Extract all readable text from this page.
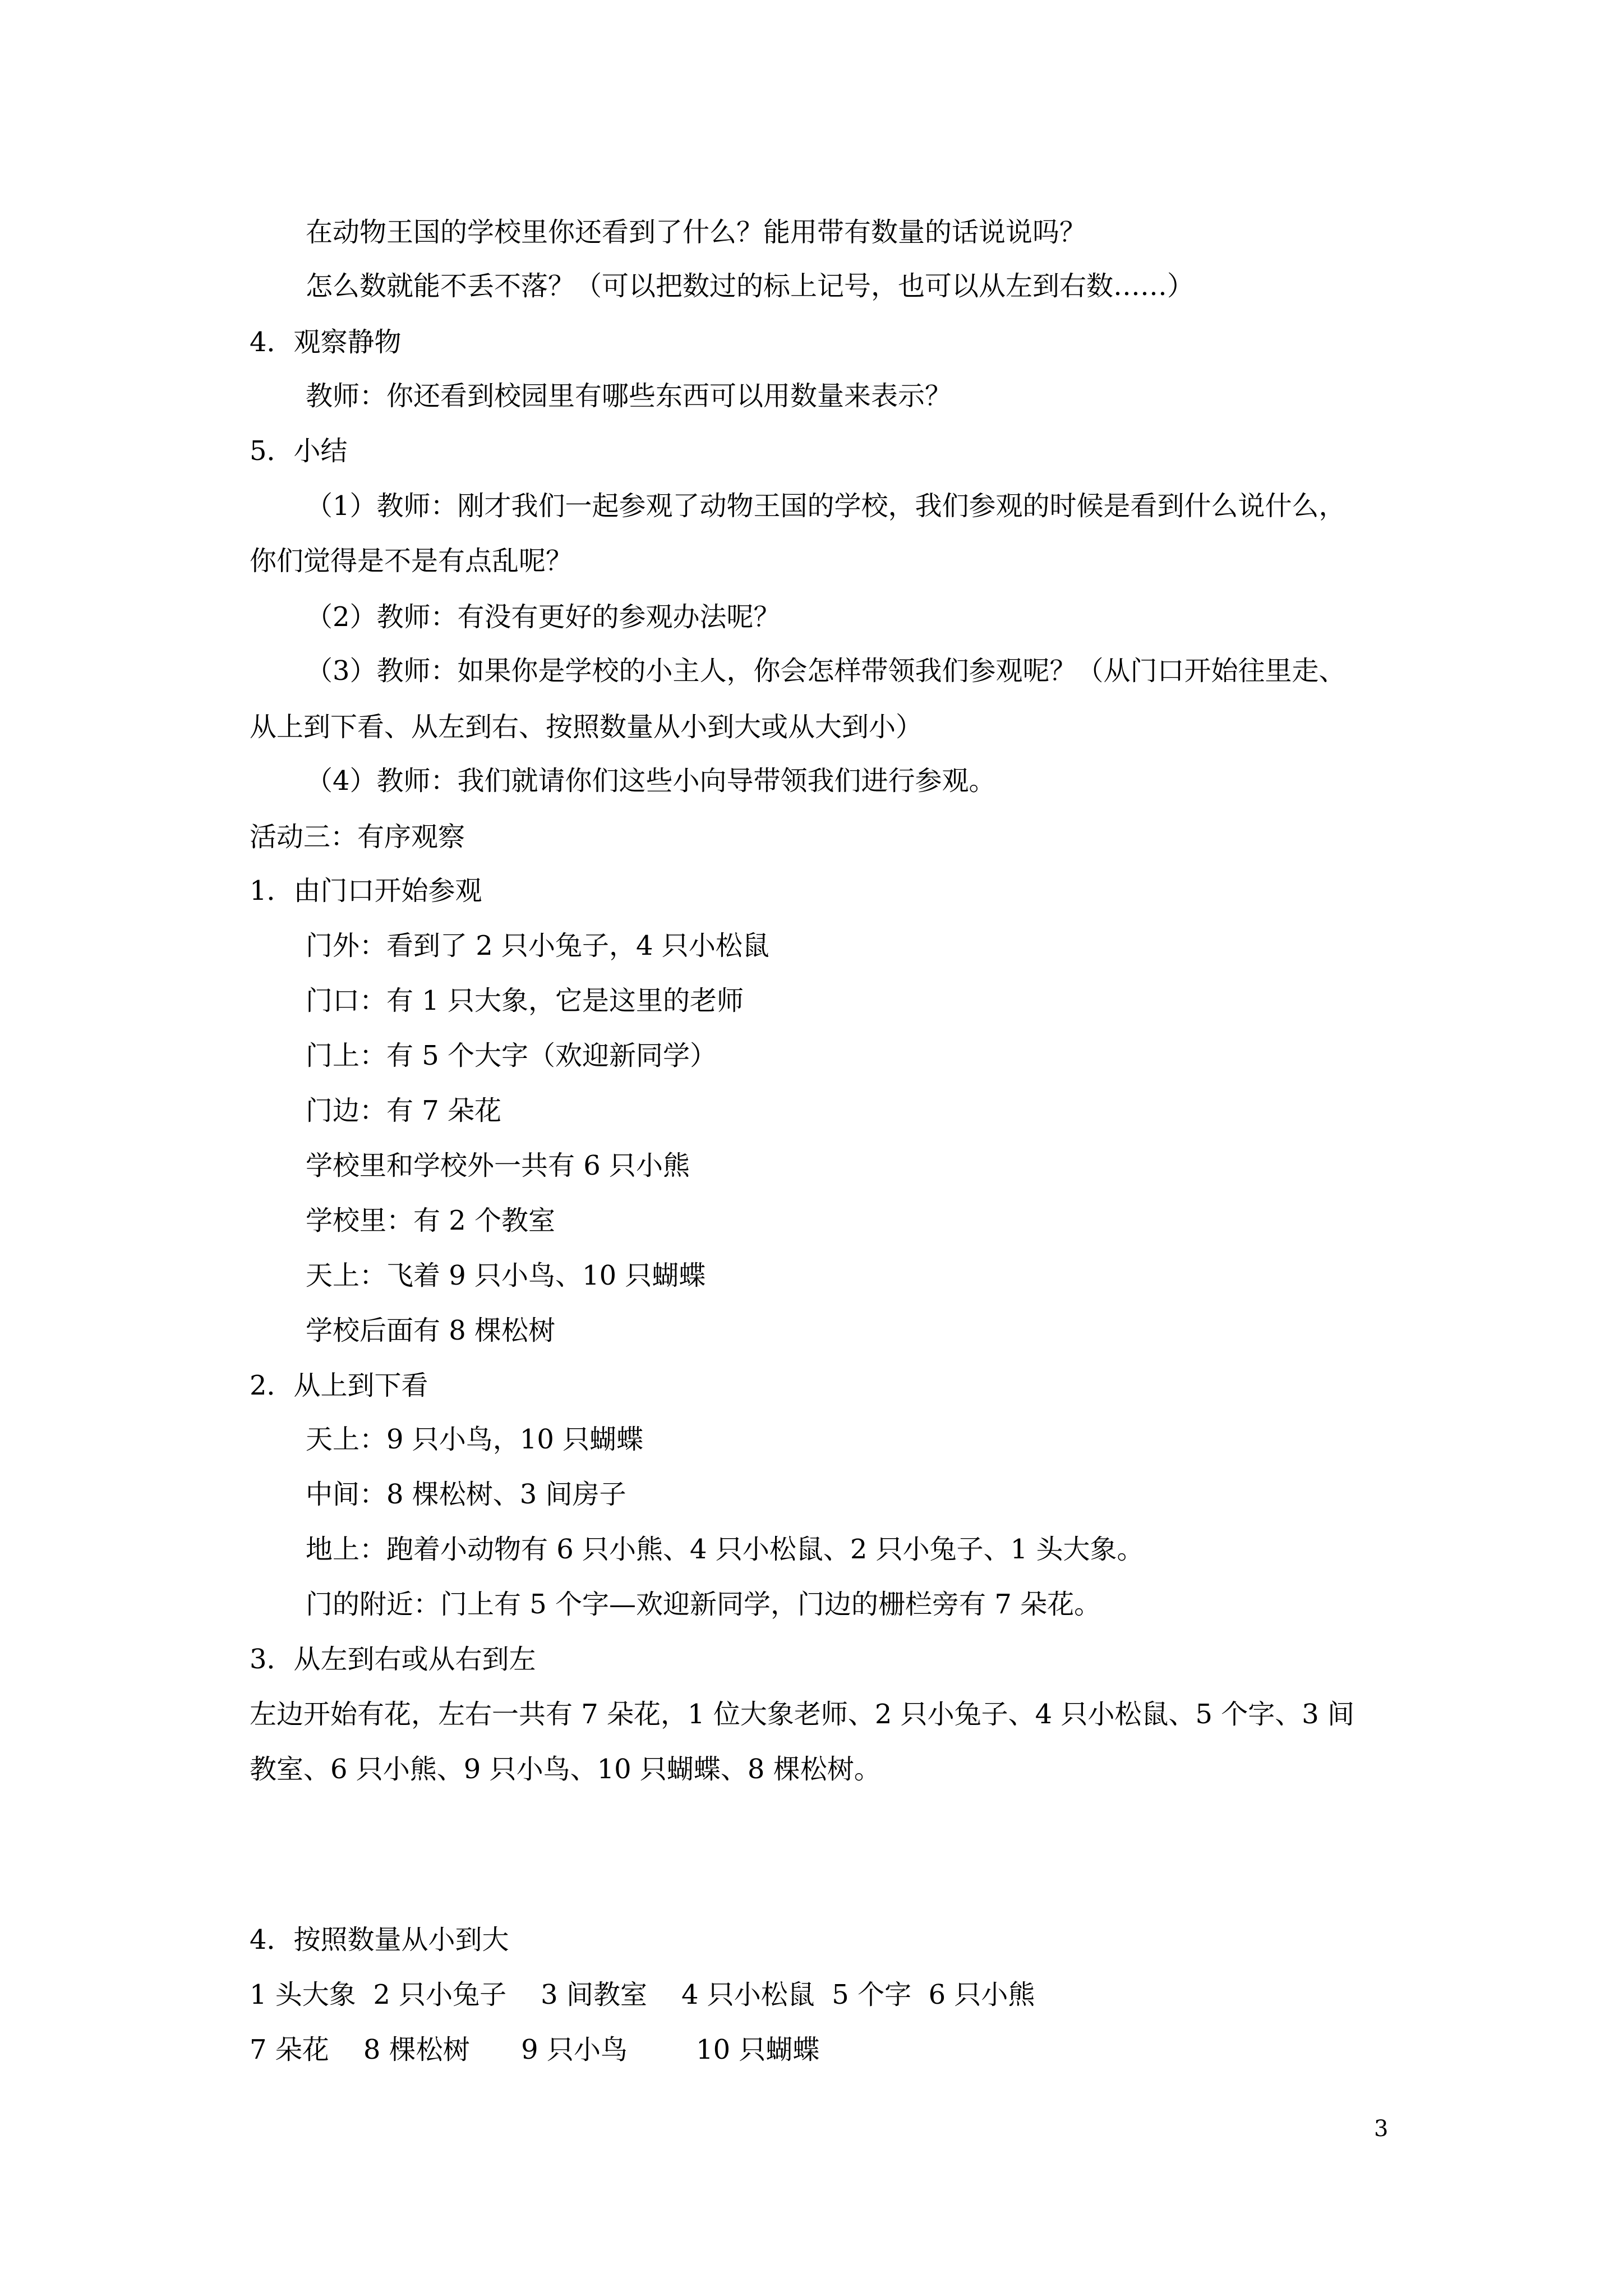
在动物王国的学校里你还看到了什么？能用带有数量的话说说吗？
怎么数就能不丢不落？（可以把数过的标上记号，也可以从左到右数……）
4．观察静物
教师：你还看到校园里有哪些东西可以用数量来表示？
5．小结
（1）教师：刚才我们一起参观了动物王国的学校，我们参观的时候是看到什么说什么，
你们觉得是不是有点乱呢？
（2）教师：有没有更好的参观办法呢？
（3）教师：如果你是学校的小主人，你会怎样带领我们参观呢？（从门口开始往里走、
从上到下看、从左到右、按照数量从小到大或从大到小）
（4）教师：我们就请你们这些小向导带领我们进行参观。
活动三：有序观察
1．由门口开始参观
门外：看到了 2 只小兔子，4 只小松鼠
门口：有 1 只大象，它是这里的老师
门上：有 5 个大字（欢迎新同学）
门边：有 7 朵花
学校里和学校外一共有 6 只小熊
学校里：有 2 个教室
天上：飞着 9 只小鸟、10 只蝴蝶
学校后面有 8 棵松树
2．从上到下看
天上：9 只小鸟，10 只蝴蝶
中间：8 棵松树、3 间房子
地上：跑着小动物有 6 只小熊、4 只小松鼠、2 只小兔子、1 头大象。
门的附近：门上有 5 个字—欢迎新同学，门边的栅栏旁有 7 朵花。
3．从左到右或从右到左
左边开始有花，左右一共有 7 朵花，1 位大象老师、2 只小兔子、4 只小松鼠、5 个字、3 间
教室、6 只小熊、9 只小鸟、10 只蝴蝶、8 棵松树。
4．按照数量从小到大
1 头大象  2 只小兔子    3 间教室    4 只小松鼠  5 个字  6 只小熊
7 朵花    8 棵松树      9 只小鸟        10 只蝴蝶
3
